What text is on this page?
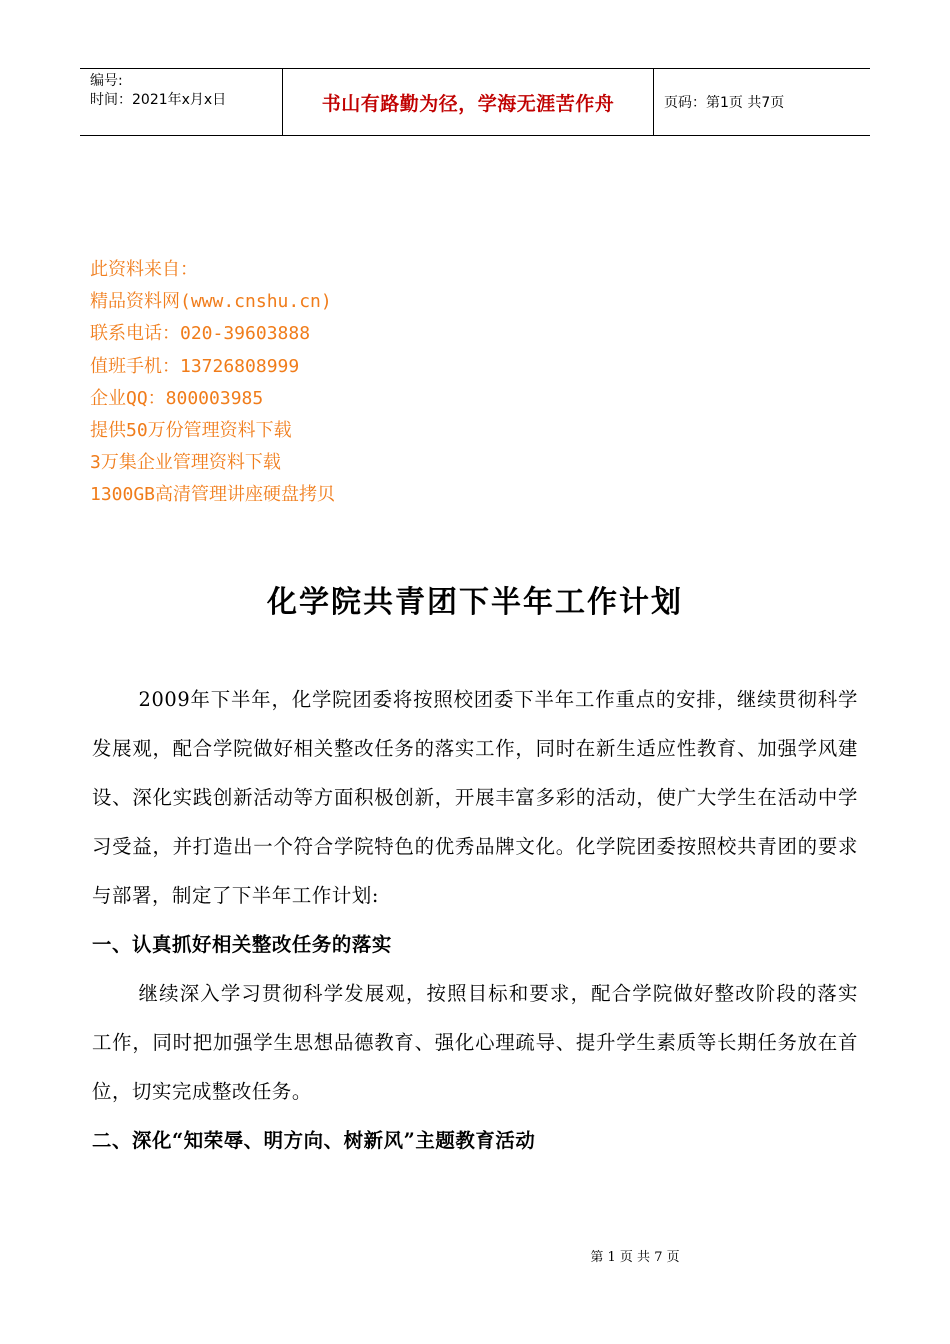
编号:
时间：2021年x月x日	书山有路勤为径，学海无涯苦作舟	页码：第1页 共7页
此资料来自：
精品资料网(www.cnshu.cn)
联系电话：020-39603888
值班手机：13726808999
企业QQ：800003985
提供50万份管理资料下载
3万集企业管理资料下载
1300GB高清管理讲座硬盘拷贝
化学院共青团下半年工作计划

2009年下半年，化学院团委将按照校团委下半年工作重点的安排，继续贯彻科学发展观，配合学院做好相关整改任务的落实工作，同时在新生适应性教育、加强学风建设、深化实践创新活动等方面积极创新，开展丰富多彩的活动，使广大学生在活动中学习受益，并打造出一个符合学院特色的优秀品牌文化。化学院团委按照校共青团的要求与部署，制定了下半年工作计划:

一、认真抓好相关整改任务的落实

继续深入学习贯彻科学发展观，按照目标和要求，配合学院做好整改阶段的落实工作，同时把加强学生思想品德教育、强化心理疏导、提升学生素质等长期任务放在首位，切实完成整改任务。

二、深化“知荣辱、明方向、树新风”主题教育活动

第 1 页 共 7 页
